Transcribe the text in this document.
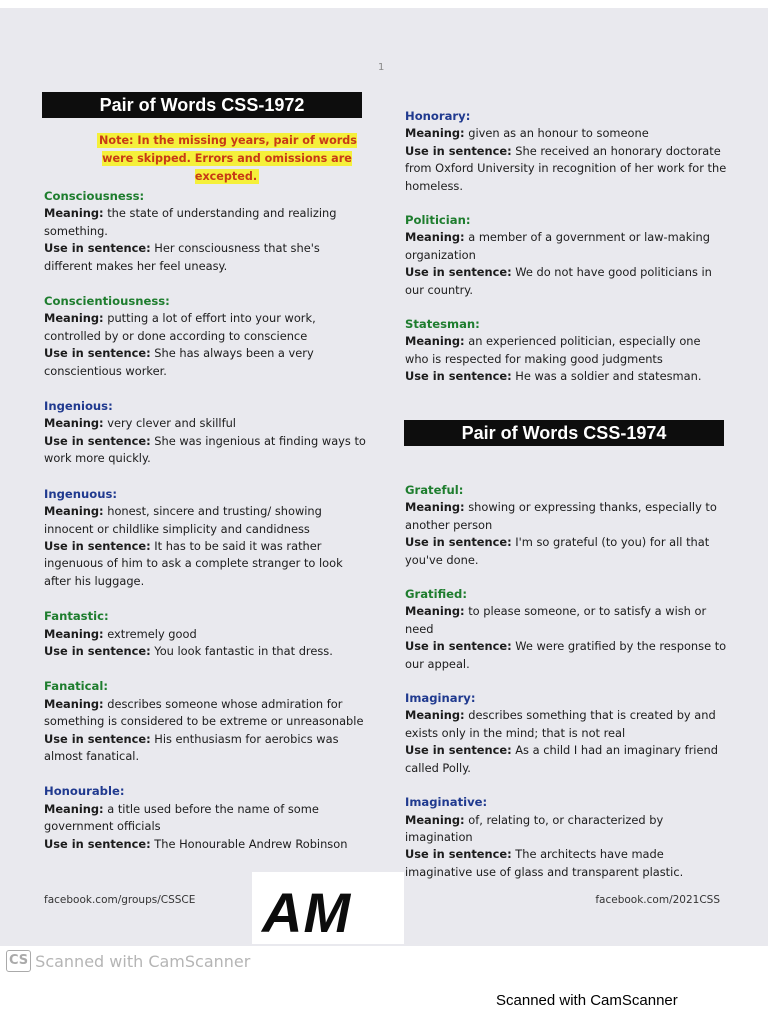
1
Pair of Words CSS-1972
Note: In the missing years, pair of words were skipped. Errors and omissions are excepted.
Consciousness:
Meaning: the state of understanding and realizing something.
Use in sentence: Her consciousness that she's different makes her feel uneasy.
Conscientiousness:
Meaning: putting a lot of effort into your work, controlled by or done according to conscience
Use in sentence: She has always been a very conscientious worker.
Ingenious:
Meaning: very clever and skillful
Use in sentence: She was ingenious at finding ways to work more quickly.
Ingenuous:
Meaning: honest, sincere and trusting/ showing innocent or childlike simplicity and candidness
Use in sentence: It has to be said it was rather ingenuous of him to ask a complete stranger to look after his luggage.
Fantastic:
Meaning: extremely good
Use in sentence: You look fantastic in that dress.
Fanatical:
Meaning: describes someone whose admiration for something is considered to be extreme or unreasonable
Use in sentence: His enthusiasm for aerobics was almost fanatical.
Honourable:
Meaning: a title used before the name of some government officials
Use in sentence: The Honourable Andrew Robinson
Honorary:
Meaning: given as an honour to someone
Use in sentence: She received an honorary doctorate from Oxford University in recognition of her work for the homeless.
Politician:
Meaning: a member of a government or law-making organization
Use in sentence: We do not have good politicians in our country.
Statesman:
Meaning: an experienced politician, especially one who is respected for making good judgments
Use in sentence: He was a soldier and statesman.
Pair of Words CSS-1974
Grateful:
Meaning: showing or expressing thanks, especially to another person
Use in sentence: I'm so grateful (to you) for all that you've done.
Gratified:
Meaning: to please someone, or to satisfy a wish or need
Use in sentence: We were gratified by the response to our appeal.
Imaginary:
Meaning: describes something that is created by and exists only in the mind; that is not real
Use in sentence: As a child I had an imaginary friend called Polly.
Imaginative:
Meaning: of, relating to, or characterized by imagination
Use in sentence: The architects have made imaginative use of glass and transparent plastic.
facebook.com/groups/CSSCE	facebook.com/2021CSS
AM
CS Scanned with CamScanner
Scanned with CamScanner
